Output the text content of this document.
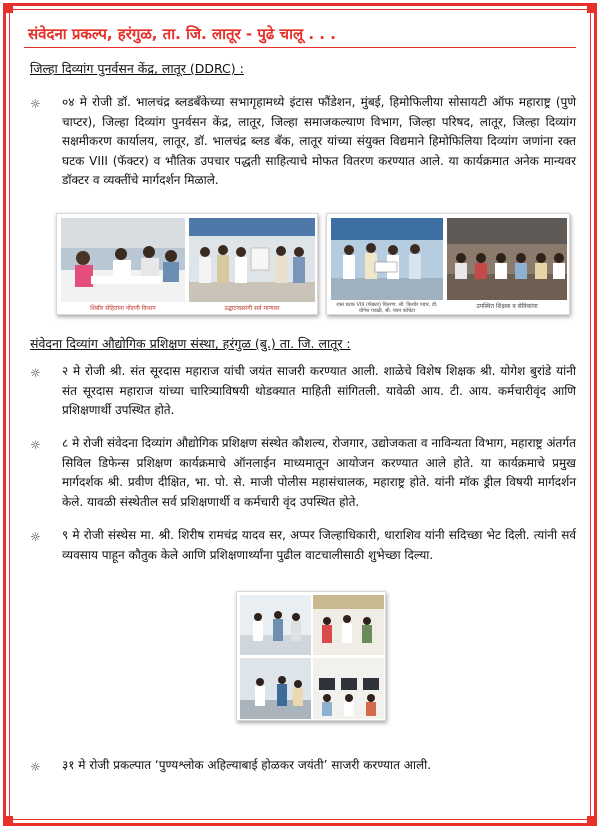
संवेदना प्रकल्प, हरंगुळ, ता. जि. लातूर - पुढे चालू . . .
जिल्हा दिव्यांग पुनर्वसन केंद्र, लातूर (DDRC) :
☼ ०४ मे रोजी डॉ. भालचंद्र ब्लडबँकेच्या सभागृहामध्ये इंटास फौंडेशन, मुंबई, हिमोफिलीया सोसायटी ऑफ महाराष्ट्र (पुणे चाप्टर), जिल्हा दिव्यांग पुनर्वसन केंद्र, लातूर, जिल्हा समाजकल्याण विभाग, जिल्हा परिषद, लातूर, जिल्हा दिव्यांग सक्षमीकरण कार्यालय, लातूर, डॉ. भालचंद्र ब्लड बँक, लातूर यांच्या संयुक्त विद्यमाने हिमोफिलिया दिव्यांग जणांना रक्त घटक VIII (फॅक्टर) व भौतिक उपचार पद्धती साहित्याचे मोफत वितरण करण्यात आले. या कार्यक्रमात अनेक मान्यवर डॉक्टर व व्यक्तींचे मार्गदर्शन मिळाले.
शिबीर सेहितांना नोंदणी विभाग	उद्घाटनप्रसंगी सर्व मान्यवर	रक्त घटक VIII (फॅक्टर) वितरण: श्री. किशोर पवार, डॉ. योगेश गवळी, श्री. पवन कोचेटा
उपस्थित शिक्षक व सेविकांना
संवेदना दिव्यांग औद्योगिक प्रशिक्षण संस्था, हरंगुळ (बु.) ता. जि. लातूर :
☼ २ मे रोजी श्री. संत सूरदास महाराज यांची जयंत साजरी करण्यात आली. शाळेचे विशेष शिक्षक श्री. योगेश बुरांडे यांनी संत सूरदास महाराज यांच्या चारित्र्याविषयी थोडक्यात माहिती सांगितली. यावेळी आय. टी. आय. कर्मचारीवृंद आणि प्रशिक्षणार्थी उपस्थित होते.
☼ ८ मे रोजी संवेदना दिव्यांग औद्योगिक प्रशिक्षण संस्थेत कौशल्य, रोजगार, उद्योजकता व नाविन्यता विभाग, महाराष्ट्र अंतर्गत सिविल डिफेन्स प्रशिक्षण कार्यक्रमाचे ऑनलाईन माध्यमातून आयोजन करण्यात आले होते. या कार्यक्रमाचे प्रमुख मार्गदर्शक श्री. प्रवीण दीक्षित, भा. पो. से. माजी पोलीस महासंचालक, महाराष्ट्र होते. यांनी मॉक ड्रील विषयी मार्गदर्शन केले. यावळी संस्थेतील सर्व प्रशिक्षणार्थी व कर्मचारी वृंद उपस्थित होते.
☼ ९ मे रोजी संस्थेस मा. श्री. शिरीष रामचंद्र यादव सर, अप्पर जिल्हाधिकारी, धाराशिव यांनी सदिच्छा भेट दिली. त्यांनी सर्व व्यवसाय पाहून कौतुक केले आणि प्रशिक्षणार्थ्यांना पुढील वाटचालीसाठी शुभेच्छा दिल्या.
☼ ३१ मे रोजी प्रकल्पात ‘पुण्यश्लोक अहिल्याबाई होळकर जयंती’ साजरी करण्यात आली.
